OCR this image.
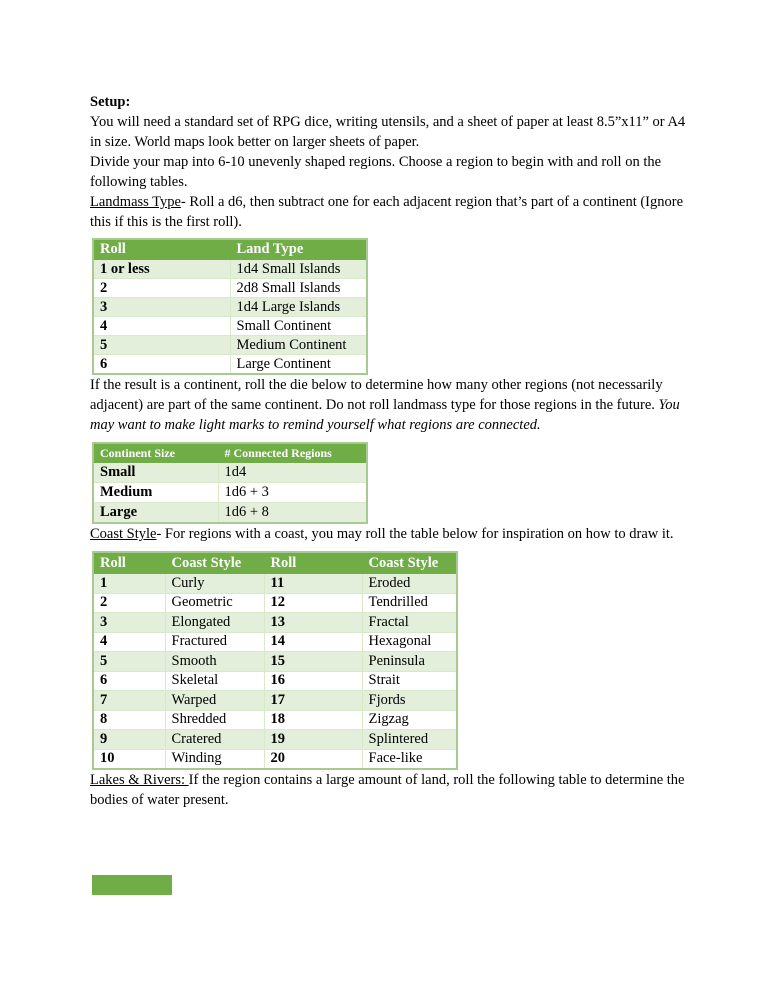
Setup:

You will need a standard set of RPG dice, writing utensils, and a sheet of paper at least 8.5”x11” or A4 in size. World maps look better on larger sheets of paper.

Divide your map into 6-10 unevenly shaped regions. Choose a region to begin with and roll on the following tables.

Landmass Type- Roll a d6, then subtract one for each adjacent region that’s part of a continent (Ignore this if this is the first roll).

Roll	Land Type
1 or less	1d4 Small Islands
2	2d8 Small Islands
3	1d4 Large Islands
4	Small Continent
5	Medium Continent
6	Large Continent

If the result is a continent, roll the die below to determine how many other regions (not necessarily adjacent) are part of the same continent. Do not roll landmass type for those regions in the future. You may want to make light marks to remind yourself what regions are connected.

Continent Size	# Connected Regions
Small	1d4
Medium	1d6 + 3
Large	1d6 + 8

Coast Style- For regions with a coast, you may roll the table below for inspiration on how to draw it.

Roll	Coast Style	Roll	Coast Style
1	Curly	11	Eroded
2	Geometric	12	Tendrilled
3	Elongated	13	Fractal
4	Fractured	14	Hexagonal
5	Smooth	15	Peninsula
6	Skeletal	16	Strait
7	Warped	17	Fjords
8	Shredded	18	Zigzag
9	Cratered	19	Splintered
10	Winding	20	Face-like

Lakes & Rivers: If the region contains a large amount of land, roll the following table to determine the bodies of water present.
